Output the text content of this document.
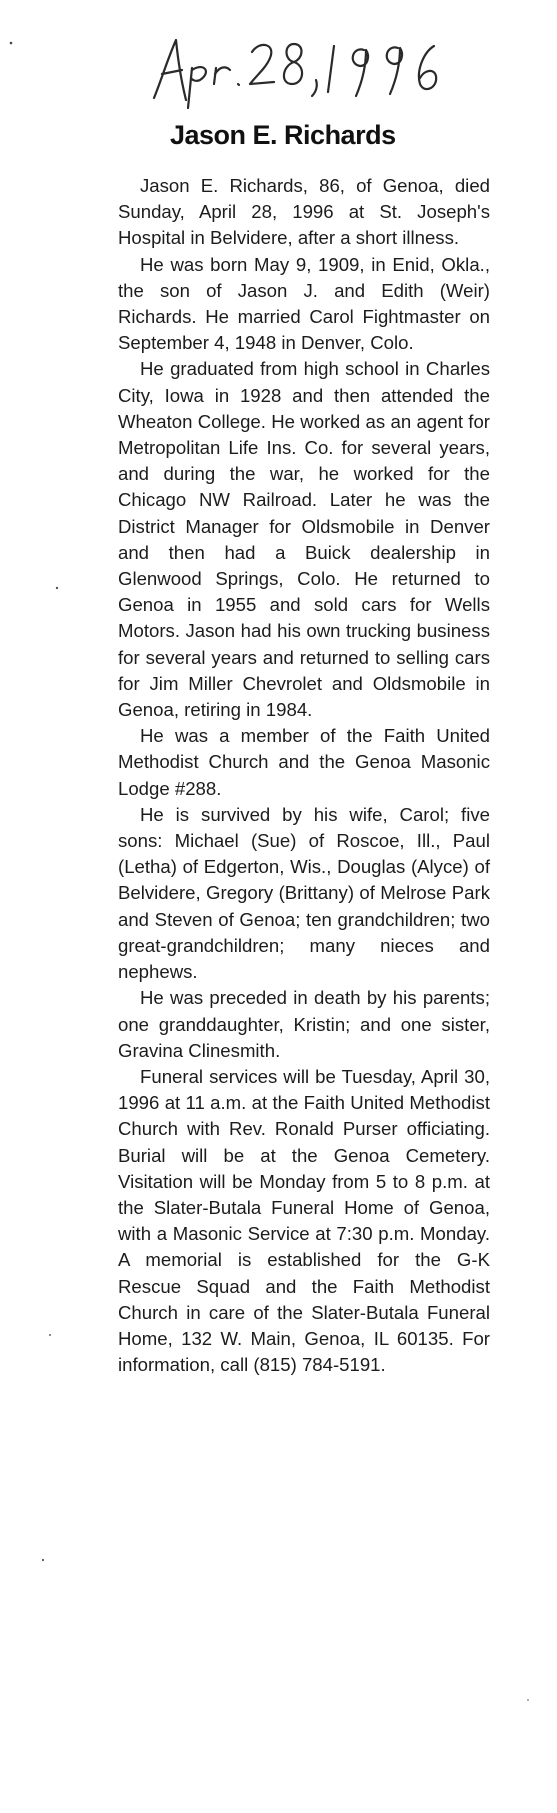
Jason E. Richards

Jason E. Richards, 86, of Genoa, died Sunday, April 28, 1996 at St. Joseph's Hospital in Belvidere, after a short illness.

He was born May 9, 1909, in Enid, Okla., the son of Jason J. and Edith (Weir) Richards. He married Carol Fightmaster on September 4, 1948 in Denver, Colo.

He graduated from high school in Charles City, Iowa in 1928 and then attended the Wheaton College. He worked as an agent for Metropolitan Life Ins. Co. for several years, and during the war, he worked for the Chicago NW Railroad. Later he was the District Manager for Oldsmobile in Denver and then had a Buick dealership in Glenwood Springs, Colo. He returned to Genoa in 1955 and sold cars for Wells Motors. Jason had his own trucking business for several years and returned to selling cars for Jim Miller Chevrolet and Oldsmobile in Genoa, retiring in 1984.

He was a member of the Faith United Methodist Church and the Genoa Masonic Lodge #288.

He is survived by his wife, Carol; five sons: Michael (Sue) of Roscoe, Ill., Paul (Letha) of Edgerton, Wis., Douglas (Alyce) of Belvidere, Gregory (Brittany) of Melrose Park and Steven of Genoa; ten grandchildren; two great-grandchildren; many nieces and nephews.

He was preceded in death by his parents; one granddaughter, Kristin; and one sister, Gravina Clinesmith.

Funeral services will be Tuesday, April 30, 1996 at 11 a.m. at the Faith United Methodist Church with Rev. Ronald Purser officiating. Burial will be at the Genoa Cemetery. Visitation will be Monday from 5 to 8 p.m. at the Slater-Butala Funeral Home of Genoa, with a Masonic Service at 7:30 p.m. Monday. A memorial is established for the G-K Rescue Squad and the Faith Methodist Church in care of the Slater-Butala Funeral Home, 132 W. Main, Genoa, IL 60135. For information, call (815) 784-5191.
